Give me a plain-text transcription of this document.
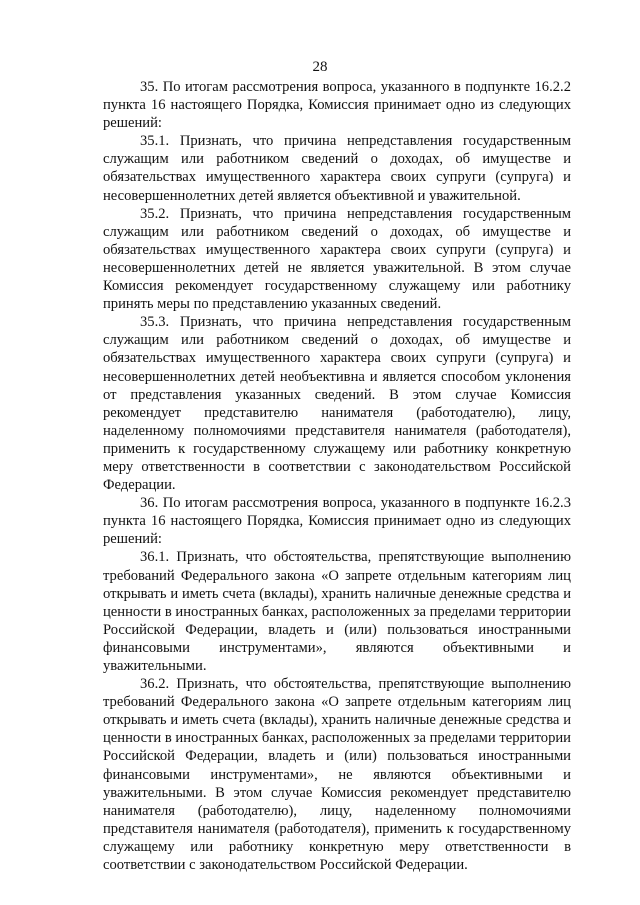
28

35. По итогам рассмотрения вопроса, указанного в подпункте 16.2.2 пункта 16 настоящего Порядка, Комиссия принимает одно из следующих решений:

35.1. Признать, что причина непредставления государственным служащим или работником сведений о доходах, об имуществе и обязательствах имущественного характера своих супруги (супруга) и несовершеннолетних детей является объективной и уважительной.

35.2. Признать, что причина непредставления государственным служащим или работником сведений о доходах, об имуществе и обязательствах имущественного характера своих супруги (супруга) и несовершеннолетних детей не является уважительной. В этом случае Комиссия рекомендует государственному служащему или работнику принять меры по представлению указанных сведений.

35.3. Признать, что причина непредставления государственным служащим или работником сведений о доходах, об имуществе и обязательствах имущественного характера своих супруги (супруга) и несовершеннолетних детей необъективна и является способом уклонения от представления указанных сведений. В этом случае Комиссия рекомендует представителю нанимателя (работодателю), лицу, наделенному полномочиями представителя нанимателя (работодателя), применить к государственному служащему или работнику конкретную меру ответственности в соответствии с законодательством Российской Федерации.

36. По итогам рассмотрения вопроса, указанного в подпункте 16.2.3 пункта 16 настоящего Порядка, Комиссия принимает одно из следующих решений:

36.1. Признать, что обстоятельства, препятствующие выполнению требований Федерального закона «О запрете отдельным категориям лиц открывать и иметь счета (вклады), хранить наличные денежные средства и ценности в иностранных банках, расположенных за пределами территории Российской Федерации, владеть и (или) пользоваться иностранными финансовыми инструментами», являются объективными и уважительными.

36.2. Признать, что обстоятельства, препятствующие выполнению требований Федерального закона «О запрете отдельным категориям лиц открывать и иметь счета (вклады), хранить наличные денежные средства и ценности в иностранных банках, расположенных за пределами территории Российской Федерации, владеть и (или) пользоваться иностранными финансовыми инструментами», не являются объективными и уважительными. В этом случае Комиссия рекомендует представителю нанимателя (работодателю), лицу, наделенному полномочиями представителя нанимателя (работодателя), применить к государственному служащему или работнику конкретную меру ответственности в соответствии с законодательством Российской Федерации.
